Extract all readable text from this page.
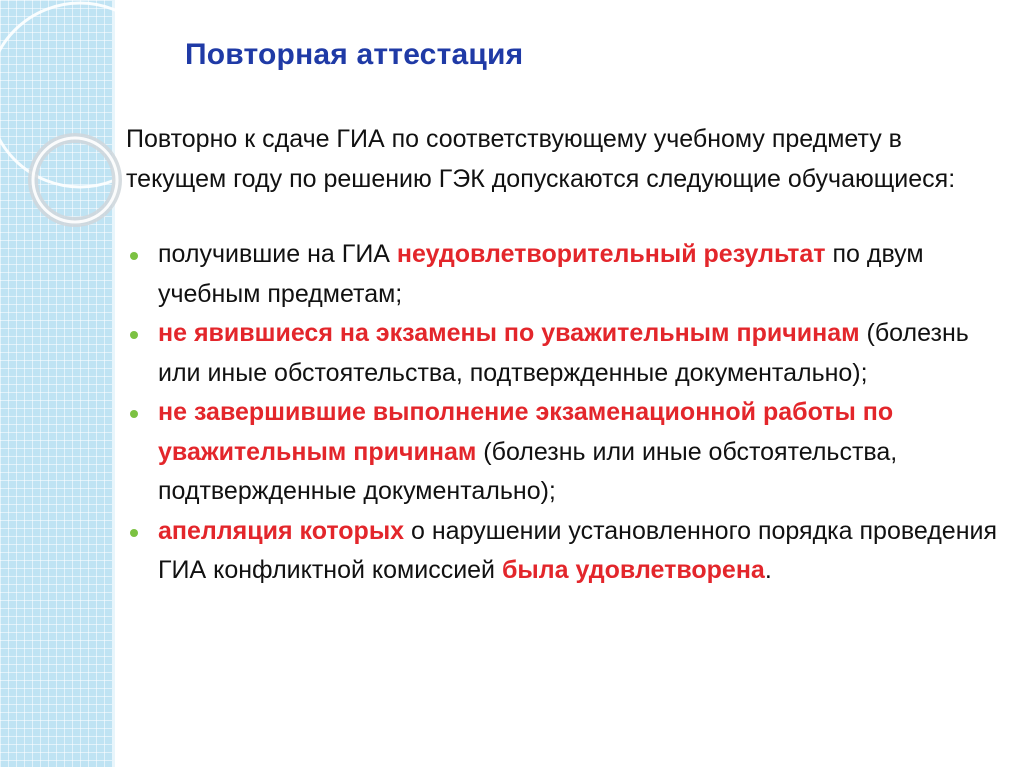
Повторная аттестация

Повторно к сдаче ГИА по соответствующему учебному предмету в текущем году по решению ГЭК допускаются следующие обучающиеся:

получившие на ГИА неудовлетворительный результат по двум учебным предметам;
не явившиеся на экзамены по уважительным причинам (болезнь или иные обстоятельства, подтвержденные документально);
не завершившие выполнение экзаменационной работы по уважительным причинам (болезнь или иные обстоятельства, подтвержденные документально);
апелляция которых о нарушении установленного порядка проведения ГИА конфликтной комиссией была удовлетворена.
